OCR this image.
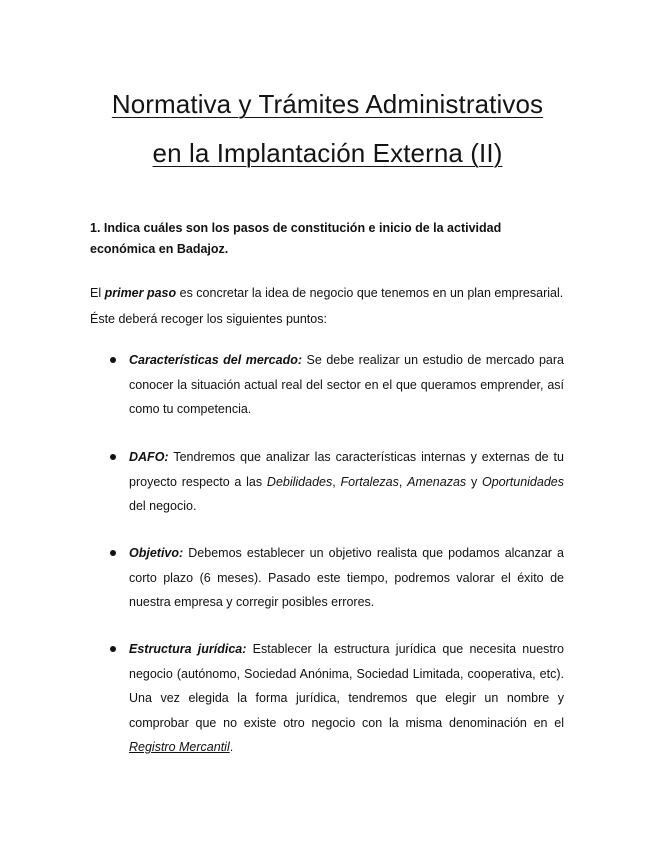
Normativa y Trámites Administrativos
en la Implantación Externa (II)
1. Indica cuáles son los pasos de constitución e inicio de la actividad económica en Badajoz.
El primer paso es concretar la idea de negocio que tenemos en un plan empresarial. Éste deberá recoger los siguientes puntos:
Características del mercado: Se debe realizar un estudio de mercado para conocer la situación actual real del sector en el que queramos emprender, así como tu competencia.
DAFO: Tendremos que analizar las características internas y externas de tu proyecto respecto a las Debilidades, Fortalezas, Amenazas y Oportunidades del negocio.
Objetivo: Debemos establecer un objetivo realista que podamos alcanzar a corto plazo (6 meses). Pasado este tiempo, podremos valorar el éxito de nuestra empresa y corregir posibles errores.
Estructura jurídica: Establecer la estructura jurídica que necesita nuestro negocio (autónomo, Sociedad Anónima, Sociedad Limitada, cooperativa, etc). Una vez elegida la forma jurídica, tendremos que elegir un nombre y comprobar que no existe otro negocio con la misma denominación en el Registro Mercantil.
